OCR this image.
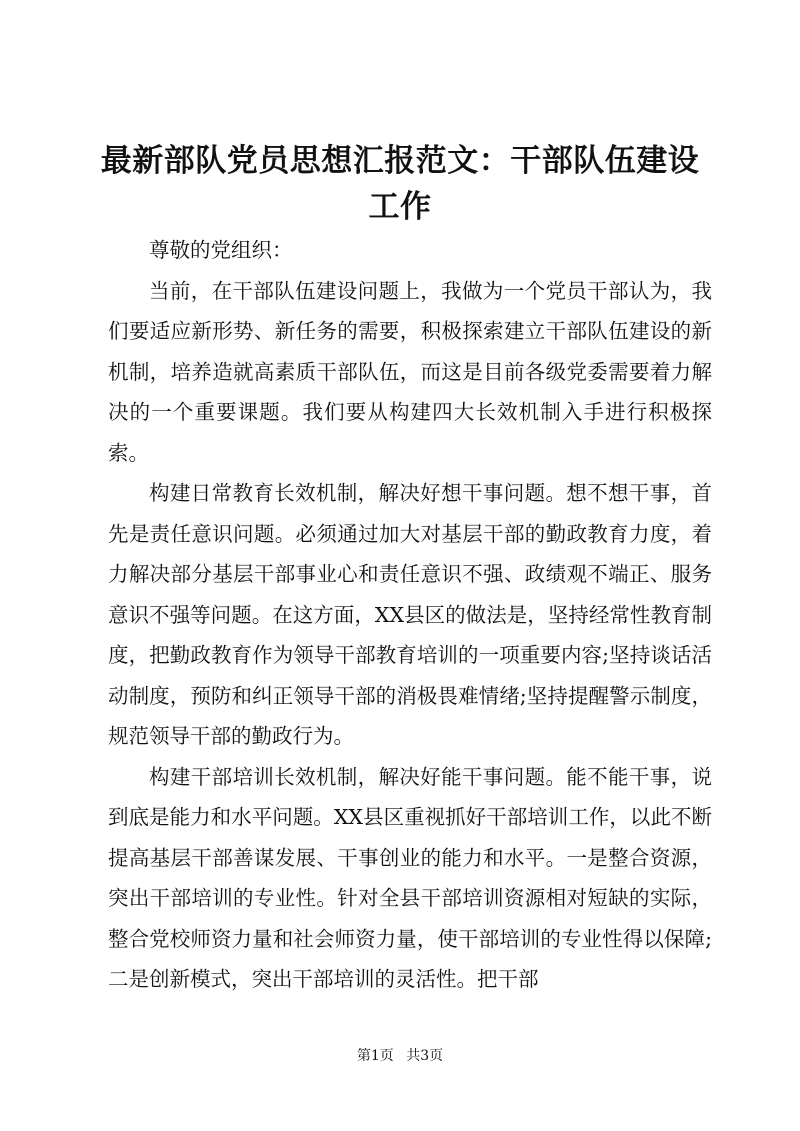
最新部队党员思想汇报范文：干部队伍建设工作

尊敬的党组织：

当前，在干部队伍建设问题上，我做为一个党员干部认为，我们要适应新形势、新任务的需要，积极探索建立干部队伍建设的新机制，培养造就高素质干部队伍，而这是目前各级党委需要着力解决的一个重要课题。我们要从构建四大长效机制入手进行积极探索。

构建日常教育长效机制，解决好想干事问题。想不想干事，首先是责任意识问题。必须通过加大对基层干部的勤政教育力度，着力解决部分基层干部事业心和责任意识不强、政绩观不端正、服务意识不强等问题。在这方面，XX县区的做法是，坚持经常性教育制度，把勤政教育作为领导干部教育培训的一项重要内容;坚持谈话活动制度，预防和纠正领导干部的消极畏难情绪;坚持提醒警示制度，规范领导干部的勤政行为。

构建干部培训长效机制，解决好能干事问题。能不能干事，说到底是能力和水平问题。XX县区重视抓好干部培训工作，以此不断提高基层干部善谋发展、干事创业的能力和水平。一是整合资源，突出干部培训的专业性。针对全县干部培训资源相对短缺的实际，整合党校师资力量和社会师资力量，使干部培训的专业性得以保障;二是创新模式，突出干部培训的灵活性。把干部

第1页 共3页
